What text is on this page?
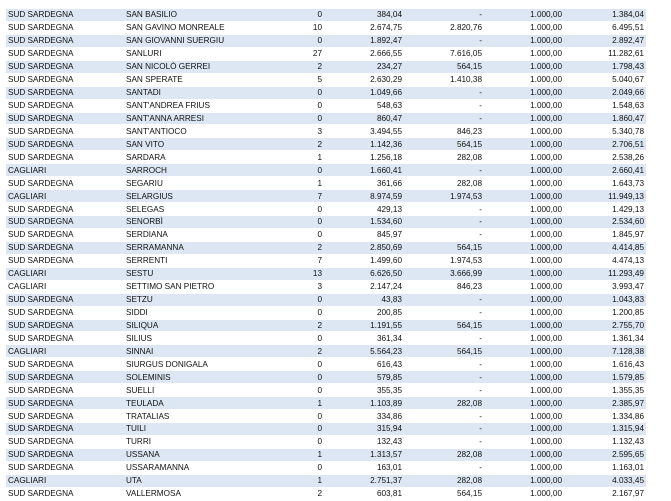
SUD SARDEGNA	SAN BASILIO	0	384,04	-	1.000,00	1.384,04
SUD SARDEGNA	SAN GAVINO MONREALE	10	2.674,75	2.820,76	1.000,00	6.495,51
SUD SARDEGNA	SAN GIOVANNI SUERGIU	0	1.892,47	-	1.000,00	2.892,47
SUD SARDEGNA	SANLURI	27	2.666,55	7.616,05	1.000,00	11.282,61
SUD SARDEGNA	SAN NICOLÒ GERREI	2	234,27	564,15	1.000,00	1.798,43
SUD SARDEGNA	SAN SPERATE	5	2.630,29	1.410,38	1.000,00	5.040,67
SUD SARDEGNA	SANTADI	0	1.049,66	-	1.000,00	2.049,66
SUD SARDEGNA	SANT'ANDREA FRIUS	0	548,63	-	1.000,00	1.548,63
SUD SARDEGNA	SANT'ANNA ARRESI	0	860,47	-	1.000,00	1.860,47
SUD SARDEGNA	SANT'ANTIOCO	3	3.494,55	846,23	1.000,00	5.340,78
SUD SARDEGNA	SAN VITO	2	1.142,36	564,15	1.000,00	2.706,51
SUD SARDEGNA	SARDARA	1	1.256,18	282,08	1.000,00	2.538,26
CAGLIARI	SARROCH	0	1.660,41	-	1.000,00	2.660,41
SUD SARDEGNA	SEGARIU	1	361,66	282,08	1.000,00	1.643,73
CAGLIARI	SELARGIUS	7	8.974,59	1.974,53	1.000,00	11.949,13
SUD SARDEGNA	SELEGAS	0	429,13	-	1.000,00	1.429,13
SUD SARDEGNA	SENORBÌ	0	1.534,60	-	1.000,00	2.534,60
SUD SARDEGNA	SERDIANA	0	845,97	-	1.000,00	1.845,97
SUD SARDEGNA	SERRAMANNA	2	2.850,69	564,15	1.000,00	4.414,85
SUD SARDEGNA	SERRENTI	7	1.499,60	1.974,53	1.000,00	4.474,13
CAGLIARI	SESTU	13	6.626,50	3.666,99	1.000,00	11.293,49
CAGLIARI	SETTIMO SAN PIETRO	3	2.147,24	846,23	1.000,00	3.993,47
SUD SARDEGNA	SETZU	0	43,83	-	1.000,00	1.043,83
SUD SARDEGNA	SIDDI	0	200,85	-	1.000,00	1.200,85
SUD SARDEGNA	SILIQUA	2	1.191,55	564,15	1.000,00	2.755,70
SUD SARDEGNA	SILIUS	0	361,34	-	1.000,00	1.361,34
CAGLIARI	SINNAI	2	5.564,23	564,15	1.000,00	7.128,38
SUD SARDEGNA	SIURGUS DONIGALA	0	616,43	-	1.000,00	1.616,43
SUD SARDEGNA	SOLEMINIS	0	579,85	-	1.000,00	1.579,85
SUD SARDEGNA	SUELLI	0	355,35	-	1.000,00	1.355,35
SUD SARDEGNA	TEULADA	1	1.103,89	282,08	1.000,00	2.385,97
SUD SARDEGNA	TRATALIAS	0	334,86	-	1.000,00	1.334,86
SUD SARDEGNA	TUILI	0	315,94	-	1.000,00	1.315,94
SUD SARDEGNA	TURRI	0	132,43	-	1.000,00	1.132,43
SUD SARDEGNA	USSANA	1	1.313,57	282,08	1.000,00	2.595,65
SUD SARDEGNA	USSARAMANNA	0	163,01	-	1.000,00	1.163,01
CAGLIARI	UTA	1	2.751,37	282,08	1.000,00	4.033,45
SUD SARDEGNA	VALLERMOSA	2	603,81	564,15	1.000,00	2.167,97
